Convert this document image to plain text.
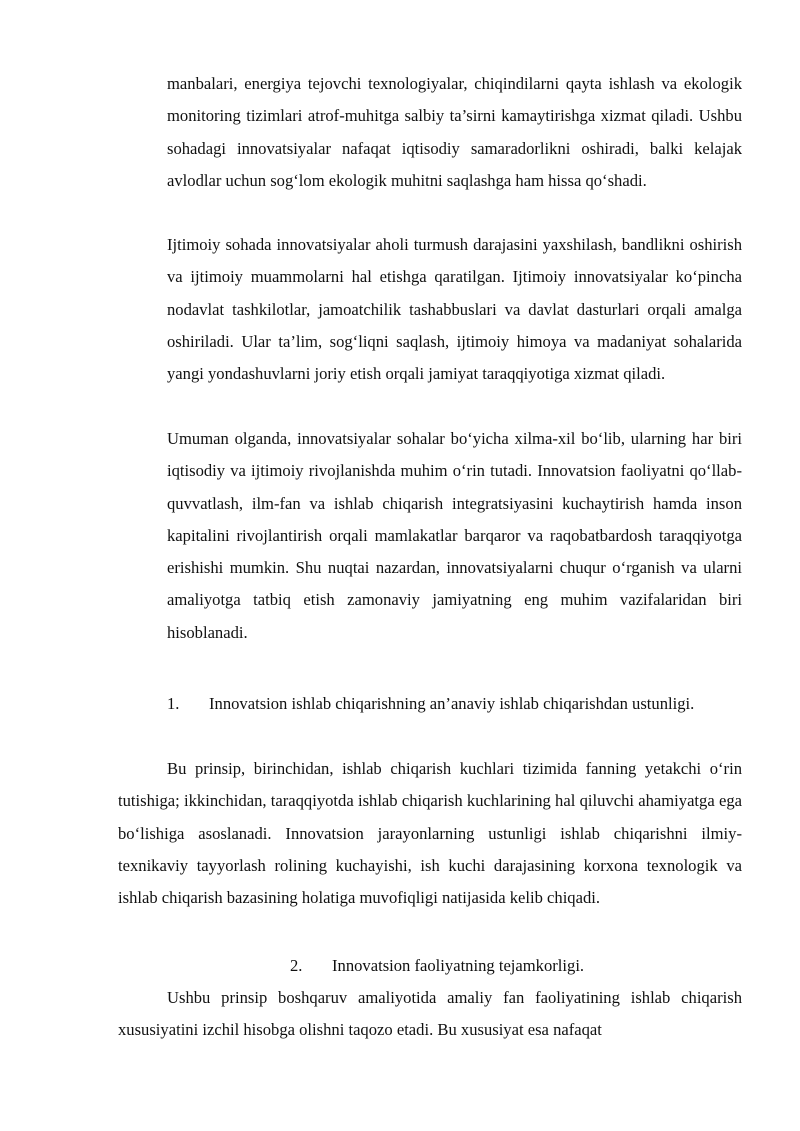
manbalari, energiya tejovchi texnologiyalar, chiqindilarni qayta ishlash va ekologik monitoring tizimlari atrof-muhitga salbiy ta’sirni kamaytirishga xizmat qiladi. Ushbu sohadagi innovatsiyalar nafaqat iqtisodiy samaradorlikni oshiradi, balki kelajak avlodlar uchun sog‘lom ekologik muhitni saqlashga ham hissa qo‘shadi.

Ijtimoiy sohada innovatsiyalar aholi turmush darajasini yaxshilash, bandlikni oshirish va ijtimoiy muammolarni hal etishga qaratilgan. Ijtimoiy innovatsiyalar ko‘pincha nodavlat tashkilotlar, jamoatchilik tashabbuslari va davlat dasturlari orqali amalga oshiriladi. Ular ta’lim, sog‘liqni saqlash, ijtimoiy himoya va madaniyat sohalarida yangi yondashuvlarni joriy etish orqali jamiyat taraqqiyotiga xizmat qiladi.

Umuman olganda, innovatsiyalar sohalar bo‘yicha xilma-xil bo‘lib, ularning har biri iqtisodiy va ijtimoiy rivojlanishda muhim o‘rin tutadi. Innovatsion faoliyatni qo‘llab-quvvatlash, ilm-fan va ishlab chiqarish integratsiyasini kuchaytirish hamda inson kapitalini rivojlantirish orqali mamlakatlar barqaror va raqobatbardosh taraqqiyotga erishishi mumkin. Shu nuqtai nazardan, innovatsiyalarni chuqur o‘rganish va ularni amaliyotga tatbiq etish zamonaviy jamiyatning eng muhim vazifalaridan biri hisoblanadi.

1. Innovatsion ishlab chiqarishning an’anaviy ishlab chiqarishdan ustunligi.

Bu prinsip, birinchidan, ishlab chiqarish kuchlari tizimida fanning yetakchi o‘rin tutishiga; ikkinchidan, taraqqiyotda ishlab chiqarish kuchlarining hal qiluvchi ahamiyatga ega bo‘lishiga asoslanadi. Innovatsion jarayonlarning ustunligi ishlab chiqarishni ilmiy-texnikaviy tayyorlash rolining kuchayishi, ish kuchi darajasining korxona texnologik va ishlab chiqarish bazasining holatiga muvofiqligi natijasida kelib chiqadi.

2. Innovatsion faoliyatning tejamkorligi.

Ushbu prinsip boshqaruv amaliyotida amaliy fan faoliyatining ishlab chiqarish xususiyatini izchil hisobga olishni taqozo etadi. Bu xususiyat esa nafaqat
